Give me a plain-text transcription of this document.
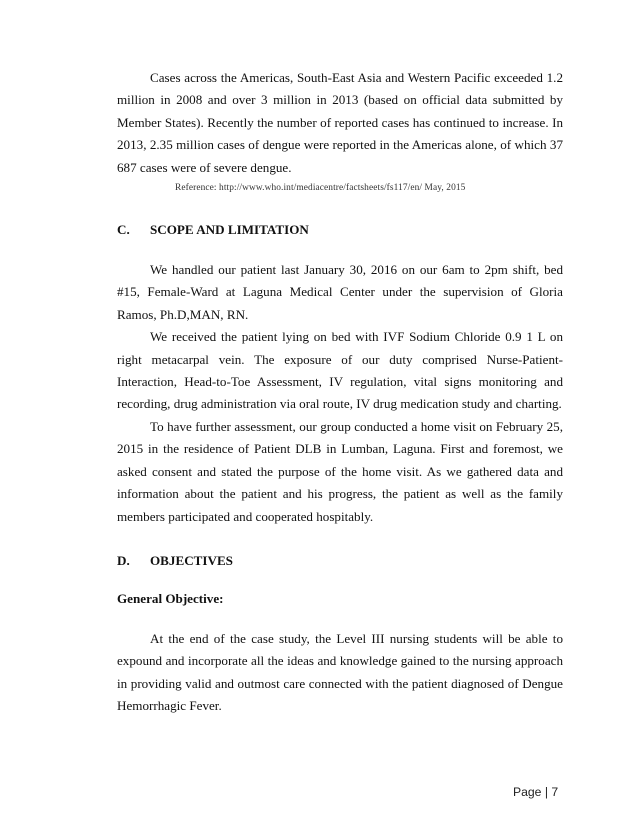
Cases across the Americas, South-East Asia and Western Pacific exceeded 1.2 million in 2008 and over 3 million in 2013 (based on official data submitted by Member States). Recently the number of reported cases has continued to increase. In 2013, 2.35 million cases of dengue were reported in the Americas alone, of which 37 687 cases were of severe dengue.

Reference: http://www.who.int/mediacentre/factsheets/fs117/en/ May, 2015

C.	SCOPE AND LIMITATION

We handled our patient last January 30, 2016 on our 6am to 2pm shift, bed #15, Female-Ward at Laguna Medical Center under the supervision of Gloria Ramos, Ph.D,MAN, RN.

We received the patient lying on bed with IVF Sodium Chloride 0.9 1 L on right metacarpal vein. The exposure of our duty comprised Nurse-Patient-Interaction, Head-to-Toe Assessment, IV regulation, vital signs monitoring and recording, drug administration via oral route, IV drug medication study and charting.

To have further assessment, our group conducted a home visit on February 25, 2015 in the residence of Patient DLB in Lumban, Laguna. First and foremost, we asked consent and stated the purpose of the home visit. As we gathered data and information about the patient and his progress, the patient as well as the family members participated and cooperated hospitably.

D.	OBJECTIVES
General Objective:

At the end of the case study, the Level III nursing students will be able to expound and incorporate all the ideas and knowledge gained to the nursing approach in providing valid and outmost care connected with the patient diagnosed of Dengue Hemorrhagic Fever.

Page | 7
